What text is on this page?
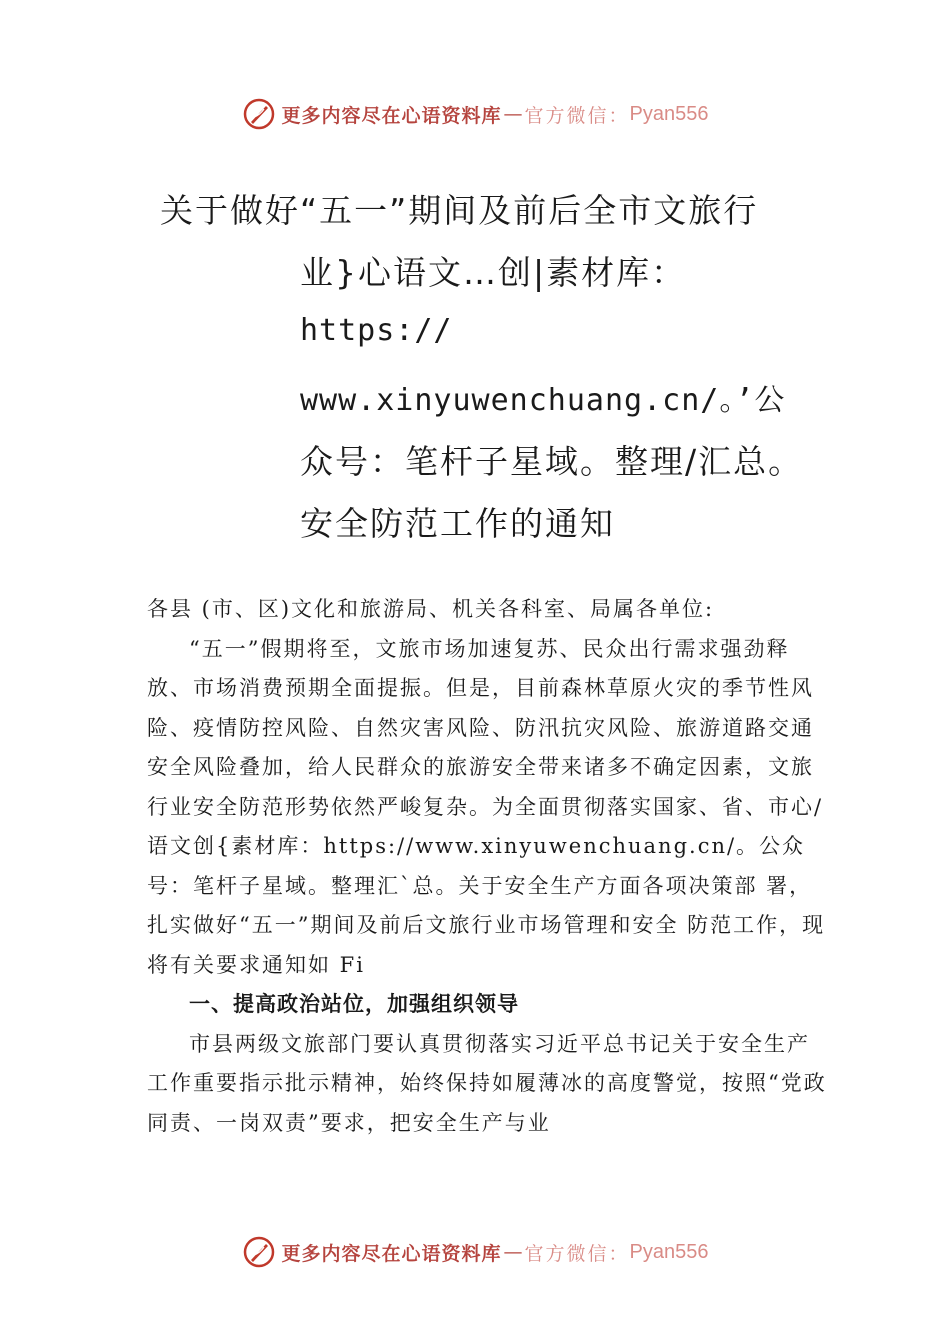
更多内容尽在心语资料库 — 官方微信： Pyan556
关于做好“五一”期间及前后全市文旅行
业}心语文…创|素材库：
https://
www.xinyuwenchuang.cn/。’公
众号：笔杆子星域。整理/汇总。
安全防范工作的通知

各县 (市、区)文化和旅游局、机关各科室、局属各单位:

“五一”假期将至，文旅市场加速复苏、民众出行需求强劲释放、市场消费预期全面提振。但是，目前森林草原火灾的季节性风险、疫情防控风险、自然灾害风险、防汛抗灾风险、旅游道路交通安全风险叠加，给人民群众的旅游安全带来诸多不确定因素，文旅行业安全防范形势依然严峻复杂。为全面贯彻落实国家、省、市心/语文创{素材库：https://www.xinyuwenchuang.cn/。公众号：笔杆子星域。整理汇`总。关于安全生产方面各项决策部 署，扎实做好“五一”期间及前后文旅行业市场管理和安全 防范工作，现将有关要求通知如 Fi

一、提高政治站位，加强组织领导

市县两级文旅部门要认真贯彻落实习近平总书记关于安全生产工作重要指示批示精神，始终保持如履薄冰的高度警觉，按照“党政同责、一岗双责”要求，把安全生产与业

更多内容尽在心语资料库 — 官方微信： Pyan556
